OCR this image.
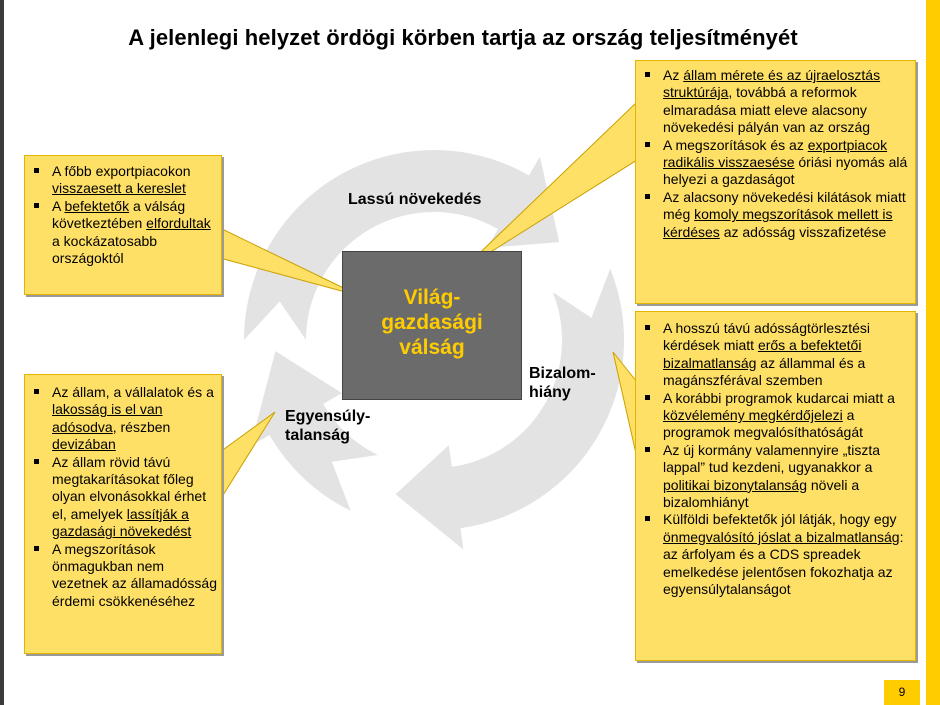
A jelenlegi helyzet ördögi körben tartja az ország teljesítményét
Világ-
gazdasági
válság
Lassú növekedés
Bizalom-
hiány
Egyensúly-
talanság
A főbb exportpiacokon visszaesett a kereslet
A befektetők a válság következtében elfordultak a kockázatosabb országoktól
Az állam, a vállalatok és a lakosság is el van adósodva, részben devizában
Az állam rövid távú megtakarításokat főleg olyan elvonásokkal érhet el, amelyek lassítják a gazdasági növekedést
A megszorítások önmagukban nem vezetnek az államadósság érdemi csökkenéséhez
Az állam mérete és az újraelosztás struktúrája, továbbá a reformok elmaradása miatt eleve alacsony növekedési pályán van az ország
A megszorítások és az exportpiacok radikális visszaesése óriási nyomás alá helyezi a gazdaságot
Az alacsony növekedési kilátások miatt még komoly megszorítások mellett is kérdéses az adósság visszafizetése
A hosszú távú adósságtörlesztési kérdések miatt erős a befektetői bizalmatlanság az állammal és a magánszférával szemben
A korábbi programok kudarcai miatt a közvélemény megkérdőjelezi a programok megvalósíthatóságát
Az új kormány valamennyire „tiszta lappal” tud kezdeni, ugyanakkor a politikai bizonytalanság növeli a bizalomhiányt
Külföldi befektetők jól látják, hogy egy önmegvalósító jóslat a bizalmatlanság: az árfolyam és a CDS spreadek emelkedése jelentősen fokozhatja az egyensúlytalanságot
9
